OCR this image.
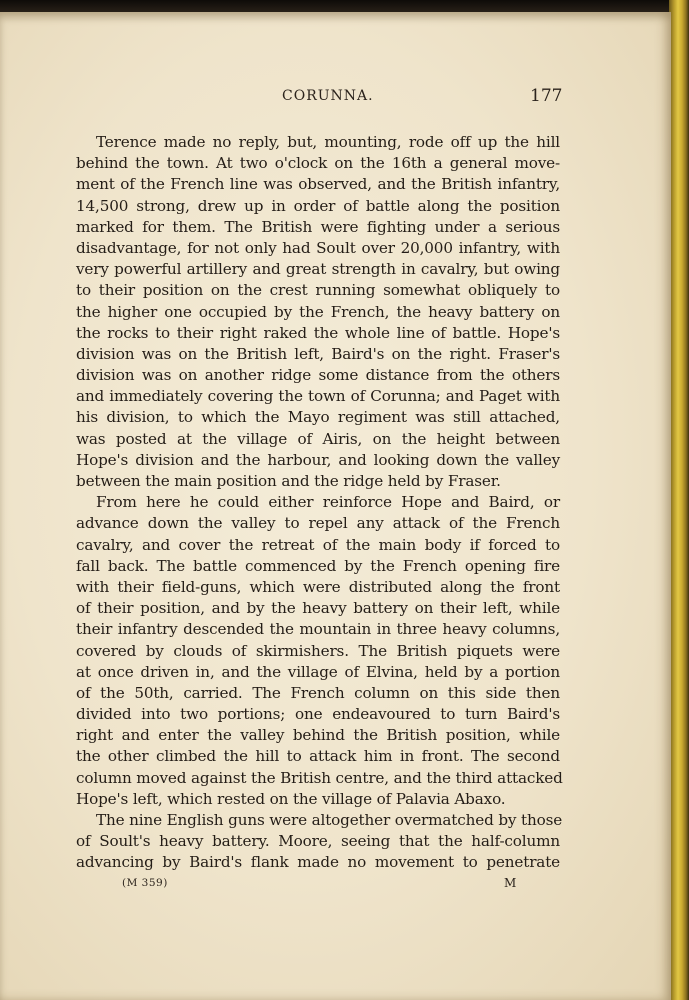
CORUNNA.	177
Terence made no reply, but, mounting, rode off up the hill
behind the town. At two o'clock on the 16th a general move-
ment of the French line was observed, and the British infantry,
14,500 strong, drew up in order of battle along the position
marked for them. The British were fighting under a serious
disadvantage, for not only had Soult over 20,000 infantry, with
very powerful artillery and great strength in cavalry, but owing
to their position on the crest running somewhat obliquely to
the higher one occupied by the French, the heavy battery on
the rocks to their right raked the whole line of battle. Hope's
division was on the British left, Baird's on the right. Fraser's
division was on another ridge some distance from the others
and immediately covering the town of Corunna; and Paget with
his division, to which the Mayo regiment was still attached,
was posted at the village of Airis, on the height between
Hope's division and the harbour, and looking down the valley
between the main position and the ridge held by Fraser.
From here he could either reinforce Hope and Baird, or
advance down the valley to repel any attack of the French
cavalry, and cover the retreat of the main body if forced to
fall back. The battle commenced by the French opening fire
with their field-guns, which were distributed along the front
of their position, and by the heavy battery on their left, while
their infantry descended the mountain in three heavy columns,
covered by clouds of skirmishers. The British piquets were
at once driven in, and the village of Elvina, held by a portion
of the 50th, carried. The French column on this side then
divided into two portions; one endeavoured to turn Baird's
right and enter the valley behind the British position, while
the other climbed the hill to attack him in front. The second
column moved against the British centre, and the third attacked
Hope's left, which rested on the village of Palavia Abaxo.
The nine English guns were altogether overmatched by those
of Soult's heavy battery. Moore, seeing that the half-column
advancing by Baird's flank made no movement to penetrate
(M 359)	M
